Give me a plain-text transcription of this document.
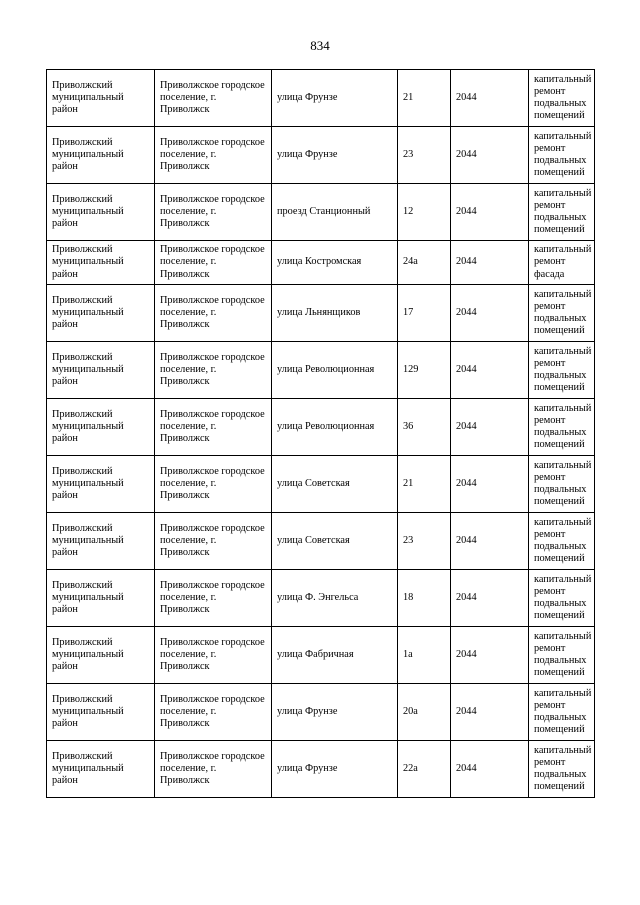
834
Приволжский муниципальный район	Приволжское городское поселение, г. Приволжск	улица Фрунзе	21	2044	капитальный ремонт подвальных помещений
Приволжский муниципальный район	Приволжское городское поселение, г. Приволжск	улица Фрунзе	23	2044	капитальный ремонт подвальных помещений
Приволжский муниципальный район	Приволжское городское поселение, г. Приволжск	проезд Станционный	12	2044	капитальный ремонт подвальных помещений
Приволжский муниципальный район	Приволжское городское поселение, г. Приволжск	улица Костромская	24а	2044	капитальный ремонт фасада
Приволжский муниципальный район	Приволжское городское поселение, г. Приволжск	улица Льнянщиков	17	2044	капитальный ремонт подвальных помещений
Приволжский муниципальный район	Приволжское городское поселение, г. Приволжск	улица Революционная	129	2044	капитальный ремонт подвальных помещений
Приволжский муниципальный район	Приволжское городское поселение, г. Приволжск	улица Революционная	36	2044	капитальный ремонт подвальных помещений
Приволжский муниципальный район	Приволжское городское поселение, г. Приволжск	улица Советская	21	2044	капитальный ремонт подвальных помещений
Приволжский муниципальный район	Приволжское городское поселение, г. Приволжск	улица Советская	23	2044	капитальный ремонт подвальных помещений
Приволжский муниципальный район	Приволжское городское поселение, г. Приволжск	улица Ф. Энгельса	18	2044	капитальный ремонт подвальных помещений
Приволжский муниципальный район	Приволжское городское поселение, г. Приволжск	улица Фабричная	1а	2044	капитальный ремонт подвальных помещений
Приволжский муниципальный район	Приволжское городское поселение, г. Приволжск	улица Фрунзе	20а	2044	капитальный ремонт подвальных помещений
Приволжский муниципальный район	Приволжское городское поселение, г. Приволжск	улица Фрунзе	22а	2044	капитальный ремонт подвальных помещений
